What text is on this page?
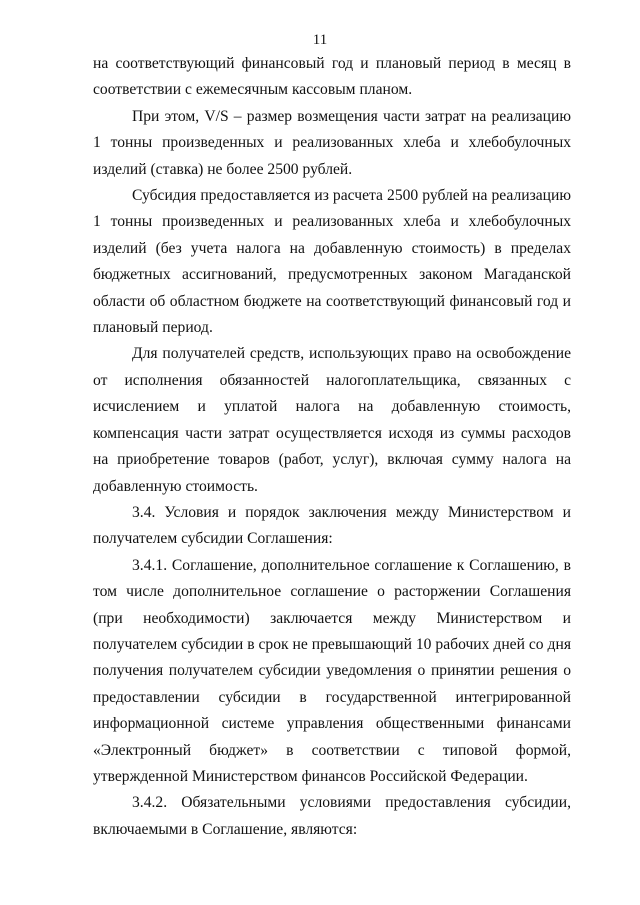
11

на соответствующий финансовый год и плановый период в месяц в соответствии с ежемесячным кассовым планом.

При этом, V/S – размер возмещения части затрат на реализацию 1 тонны произведенных и реализованных хлеба и хлебобулочных изделий (ставка) не более 2500 рублей.

Субсидия предоставляется из расчета 2500 рублей на реализацию 1 тонны произведенных и реализованных хлеба и хлебобулочных изделий (без учета налога на добавленную стоимость) в пределах бюджетных ассигнований, предусмотренных законом Магаданской области об областном бюджете на соответствующий финансовый год и плановый период.

Для получателей средств, использующих право на освобождение от исполнения обязанностей налогоплательщика, связанных с исчислением и уплатой налога на добавленную стоимость, компенсация части затрат осуществляется исходя из суммы расходов на приобретение товаров (работ, услуг), включая сумму налога на добавленную стоимость.

3.4. Условия и порядок заключения между Министерством и получателем субсидии Соглашения:

3.4.1. Соглашение, дополнительное соглашение к Соглашению, в том числе дополнительное соглашение о расторжении Соглашения (при необходимости) заключается между Министерством и получателем субсидии в срок не превышающий 10 рабочих дней со дня получения получателем субсидии уведомления о принятии решения о предоставлении субсидии в государственной интегрированной информационной системе управления общественными финансами «Электронный бюджет» в соответствии с типовой формой, утвержденной Министерством финансов Российской Федерации.

3.4.2. Обязательными условиями предоставления субсидии, включаемыми в Соглашение, являются:
